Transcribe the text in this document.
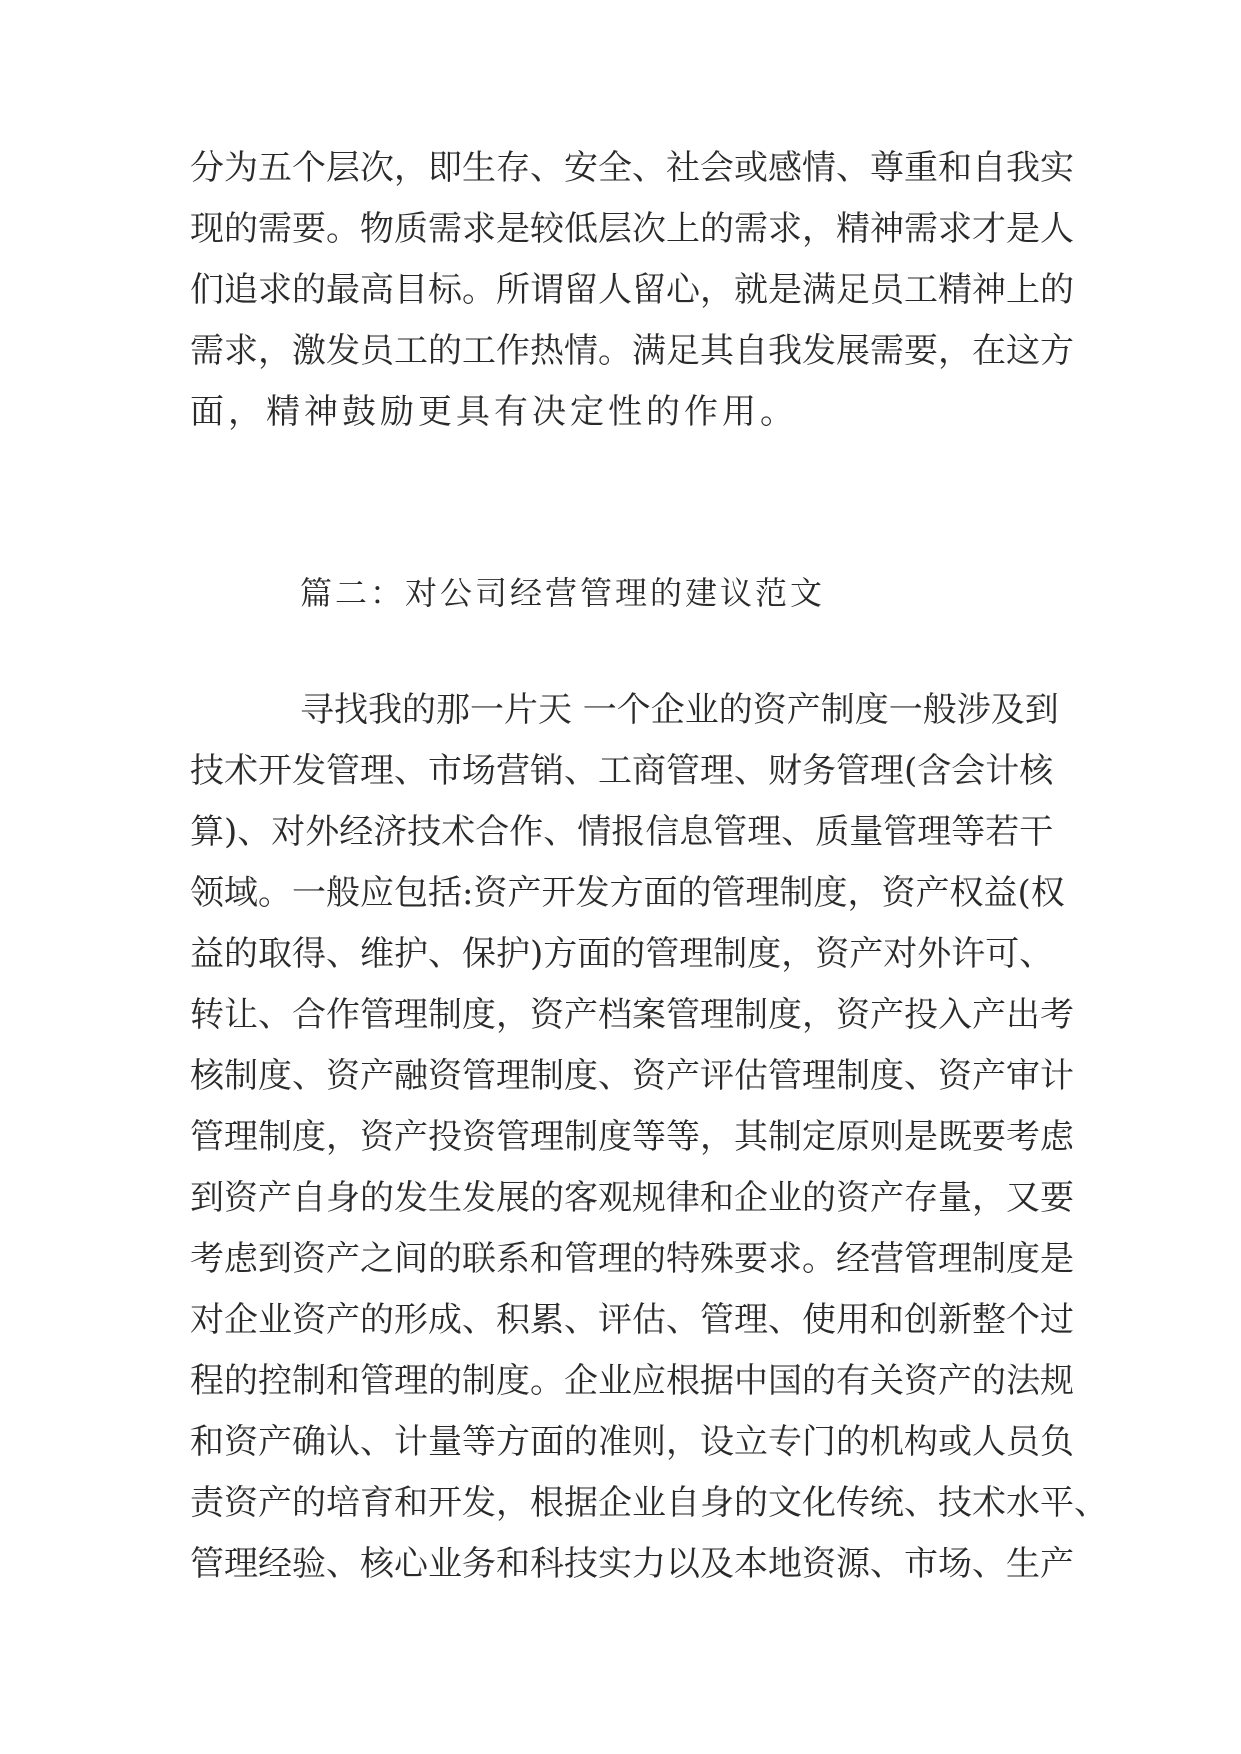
分为五个层次，即生存、安全、社会或感情、尊重和自我实
现的需要。物质需求是较低层次上的需求，精神需求才是人
们追求的最高目标。所谓留人留心，就是满足员工精神上的
需求，激发员工的工作热情。满足其自我发展需要，在这方
面，精神鼓励更具有决定性的作用。
篇二：对公司经营管理的建议范文
寻找我的那一片天 一个企业的资产制度一般涉及到
技术开发管理、市场营销、工商管理、财务管理(含会计核
算)、对外经济技术合作、情报信息管理、质量管理等若干
领域。一般应包括:资产开发方面的管理制度，资产权益(权
益的取得、维护、保护)方面的管理制度，资产对外许可、
转让、合作管理制度，资产档案管理制度，资产投入产出考
核制度、资产融资管理制度、资产评估管理制度、资产审计
管理制度，资产投资管理制度等等，其制定原则是既要考虑
到资产自身的发生发展的客观规律和企业的资产存量，又要
考虑到资产之间的联系和管理的特殊要求。经营管理制度是
对企业资产的形成、积累、评估、管理、使用和创新整个过
程的控制和管理的制度。企业应根据中国的有关资产的法规
和资产确认、计量等方面的准则，设立专门的机构或人员负
责资产的培育和开发，根据企业自身的文化传统、技术水平、
管理经验、核心业务和科技实力以及本地资源、市场、生产
